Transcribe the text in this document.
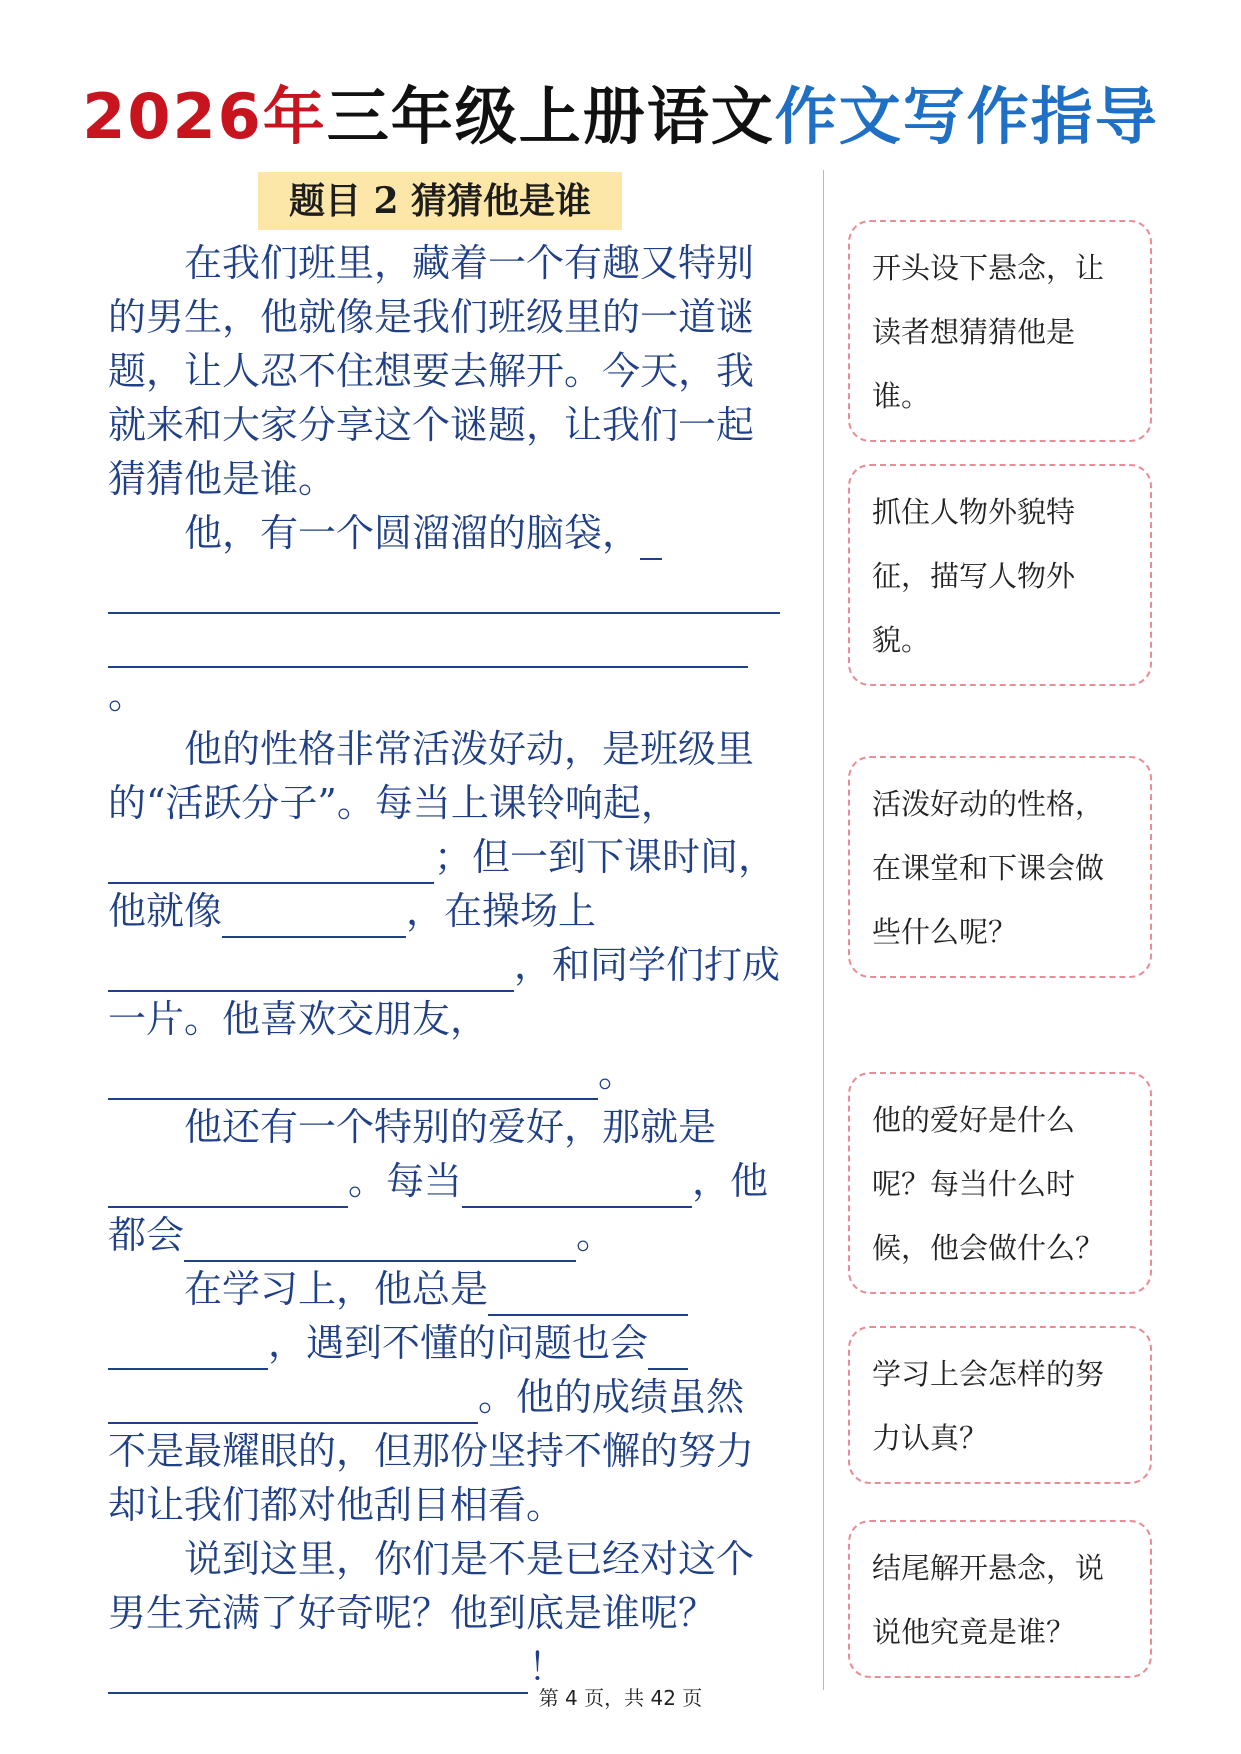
2026年三年级上册语文作文写作指导
题目 2 猜猜他是谁

在我们班里，藏着一个有趣又特别的男生，他就像是我们班级里的一道谜题，让人忍不住想要去解开。今天，我就来和大家分享这个谜题，让我们一起猜猜他是谁。

他，有一个圆溜溜的脑袋，
。

他的性格非常活泼好动，是班级里的“活跃分子”。每当上课铃响起，；但一到下课时间，他就像	，在操场上，和同学们打成一片。他喜欢交朋友，。

他还有一个特别的爱好，那就是。每当	，他都会	。

在学习上，他总是，遇到不懂的问题也会。他的成绩虽然不是最耀眼的，但那份坚持不懈的努力却让我们都对他刮目相看。

说到这里，你们是不是已经对这个男生充满了好奇呢？他到底是谁呢？！

开头设下悬念，让读者想猜猜他是谁。
抓住人物外貌特征，描写人物外貌。
活泼好动的性格，在课堂和下课会做些什么呢？
他的爱好是什么呢？每当什么时候，他会做什么？
学习上会怎样的努力认真？
结尾解开悬念，说说他究竟是谁？
第 4 页，共 42 页
